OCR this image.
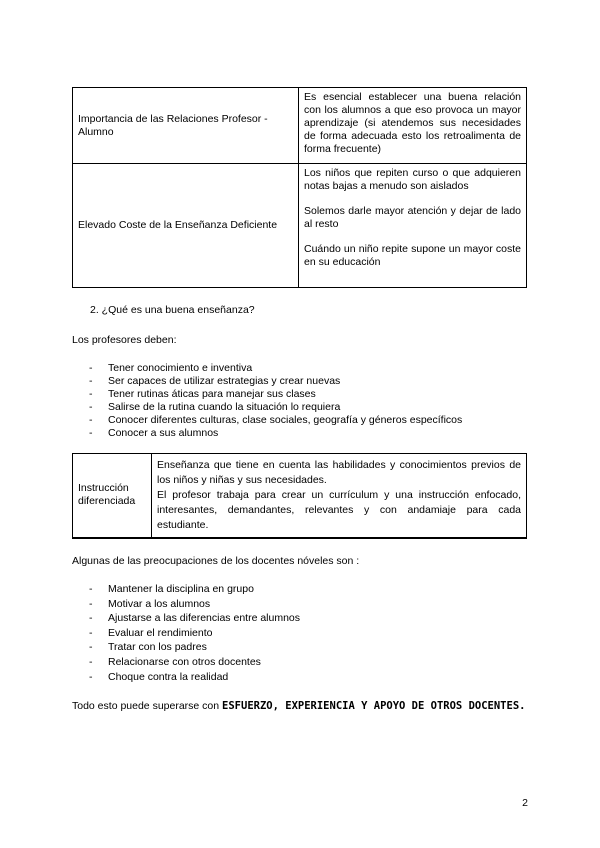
Importancia de las Relaciones Profesor - Alumno	Es esencial establecer una buena relación con los alumnos a que eso provoca un mayor aprendizaje (si atendemos sus necesidades de forma adecuada esto los retroalimenta de forma frecuente)

Elevado Coste de la Enseñanza Deficiente	Los niños que repiten curso o que adquieren notas bajas a menudo son aislados

Solemos darle mayor atención y dejar de lado al resto

Cuándo un niño repite supone un mayor coste en su educación

2. ¿Qué es una buena enseñanza?
Los profesores deben:
- Tener conocimiento e inventiva
- Ser capaces de utilizar estrategias y crear nuevas
- Tener rutinas áticas para manejar sus clases
- Salirse de la rutina cuando la situación lo requiera
- Conocer diferentes culturas, clase sociales, geografía y géneros específicos
- Conocer a sus alumnos
Instrucción diferenciada	Enseñanza que tiene en cuenta las habilidades y conocimientos previos de los niños y niñas y sus necesidades.
El profesor trabaja para crear un currículum y una instrucción enfocado, interesantes, demandantes, relevantes y con andamiaje para cada estudiante.
Algunas de las preocupaciones de los docentes nóveles son :
- Mantener la disciplina en grupo
- Motivar a los alumnos
- Ajustarse a las diferencias entre alumnos
- Evaluar el rendimiento
- Tratar con los padres
- Relacionarse con otros docentes
- Choque contra la realidad
Todo esto puede superarse con ESFUERZO, EXPERIENCIA Y APOYO DE OTROS DOCENTES.
2
